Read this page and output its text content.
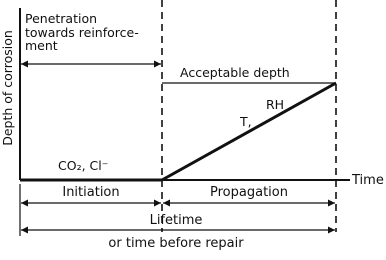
Depth of corrosion
Time
Acceptable depth
Penetration
towards reinforce-
ment
CO₂, Cl⁻
RH
T,
Initiation	Propagation
Lifetime
or time before repair
